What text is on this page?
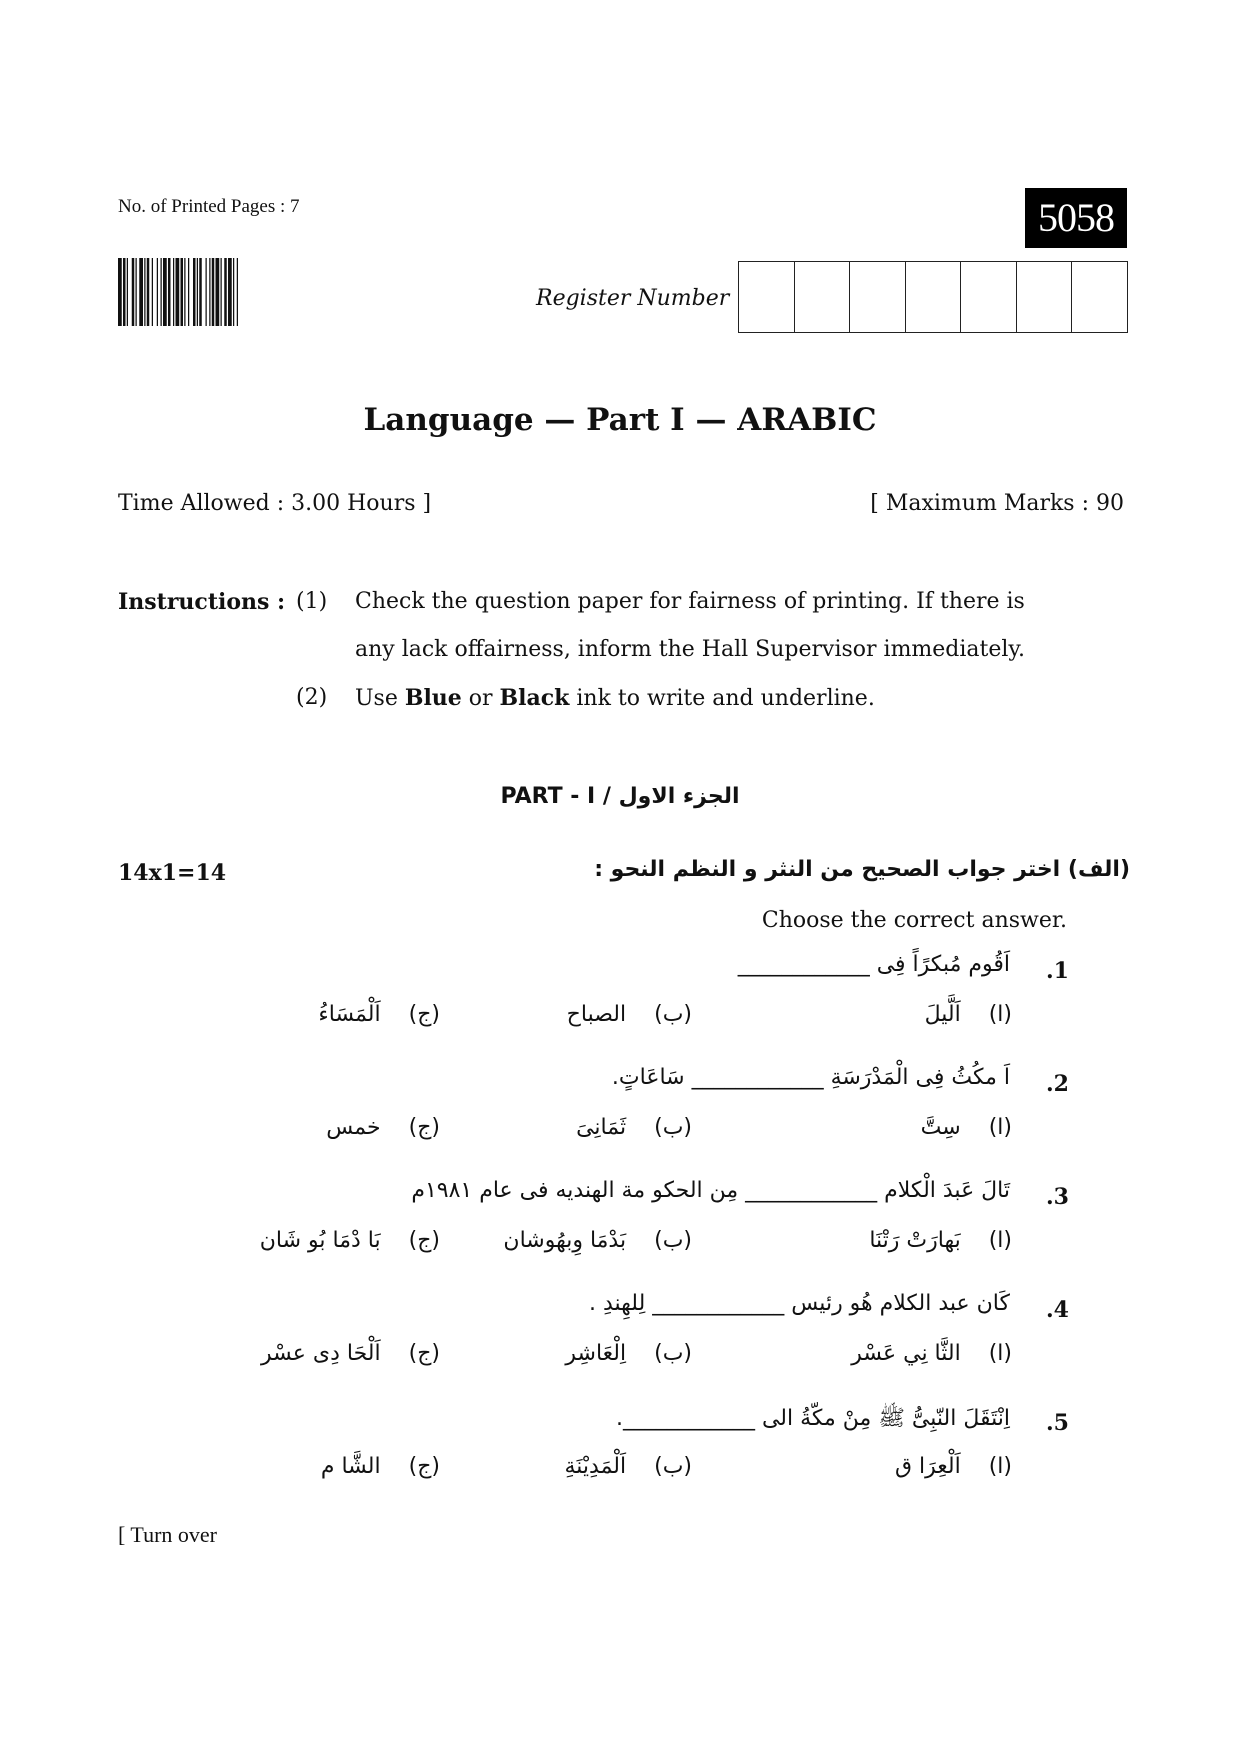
No. of Printed Pages : 7	5058
Register Number
Language — Part I — ARABIC
Time Allowed : 3.00 Hours ]	[ Maximum Marks : 90
Instructions : (1) Check the question paper for fairness of printing. If there is
any lack offairness, inform the Hall Supervisor immediately.
(2) Use Blue or Black ink to write and underline.
PART - I / الجزء الاول
14x1=14	(الف) اختر جواب الصحيح من النثر و النظم النحو :
Choose the correct answer.
.1
اَقُوم مُبكرًاً فِى ____________
(ا)اَلَّيلَ
(ب)الصباح
(ج)اَلْمَسَاءُ
.2
اَ مكُثُ فِى الْمَدْرَسَةِ ____________ سَاعَاتٍ.
(ا)سِتَّ
(ب)ثَمَانِىَ
(ج)خمس
.3
تَالَ عَبدَ الْكلام ____________ مِن الحكو مة الهنديه فى عام ١٩٨١م
(ا)بَهارَتْ رَتْنَا
(ب)بَدْمَا وِبهُوشان
(ج)بَا دْمَا بُو شَان
.4
كَان عبد الكلام هُو رئيس ____________ لِلهِندِ .
(ا)الثَّا نِي عَسْر
(ب)اِلْعَاشِر
(ج)اَلْحَا دِى عسْر
.5
اِنْتَقَلَ النّبِىُّ ﷺ مِنْ مكّةُ الى ____________.
(ا)اَلْعِرَا ق
(ب)اَلْمَدِيْنَةِ
(ج)الشَّا م
[ Turn over
